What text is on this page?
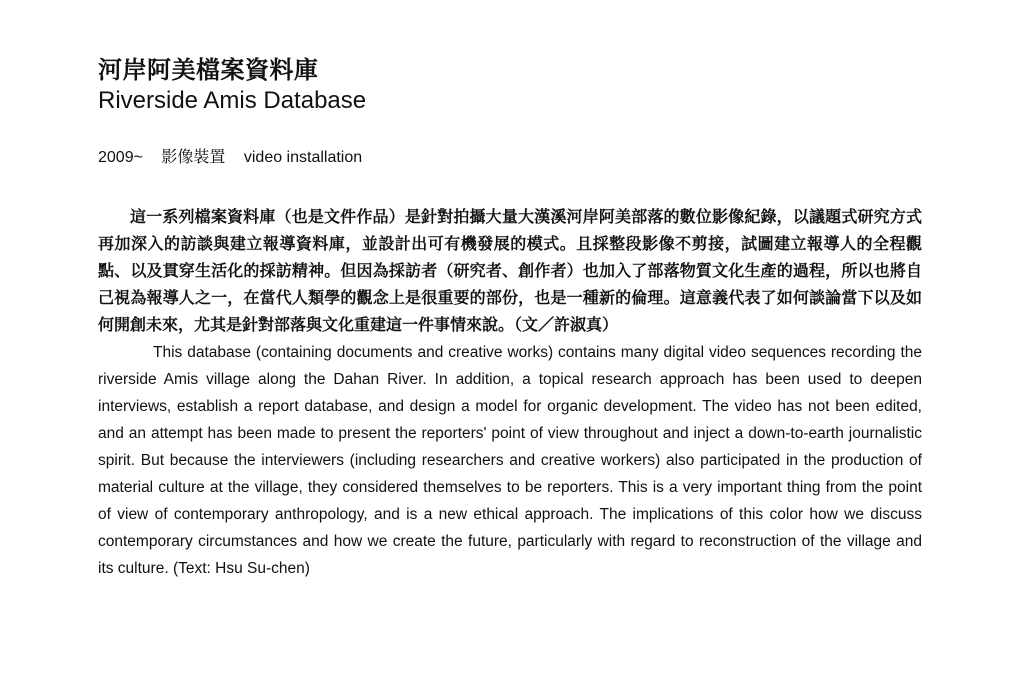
河岸阿美檔案資料庫
Riverside Amis Database
2009~ 影像裝置 video installation

這一系列檔案資料庫（也是文件作品）是針對拍攝大量大漢溪河岸阿美部落的數位影像紀錄，以議題式研究方式再加深入的訪談與建立報導資料庫，並設計出可有機發展的模式。且採整段影像不剪接，試圖建立報導人的全程觀點、以及貫穿生活化的採訪精神。但因為採訪者（研究者、創作者）也加入了部落物質文化生產的過程，所以也將自己視為報導人之一，在當代人類學的觀念上是很重要的部份，也是一種新的倫理。這意義代表了如何談論當下以及如何開創未來，尤其是針對部落與文化重建這一件事情來說。（文／許淑真）

This database (containing documents and creative works) contains many digital video sequences recording the riverside Amis village along the Dahan River. In addition, a topical research approach has been used to deepen interviews, establish a report database, and design a model for organic development. The video has not been edited, and an attempt has been made to present the reporters' point of view throughout and inject a down-to-earth journalistic spirit. But because the interviewers (including researchers and creative workers) also participated in the production of material culture at the village, they considered themselves to be reporters. This is a very important thing from the point of view of contemporary anthropology, and is a new ethical approach. The implications of this color how we discuss contemporary circumstances and how we create the future, particularly with regard to reconstruction of the village and its culture. (Text: Hsu Su-chen)
